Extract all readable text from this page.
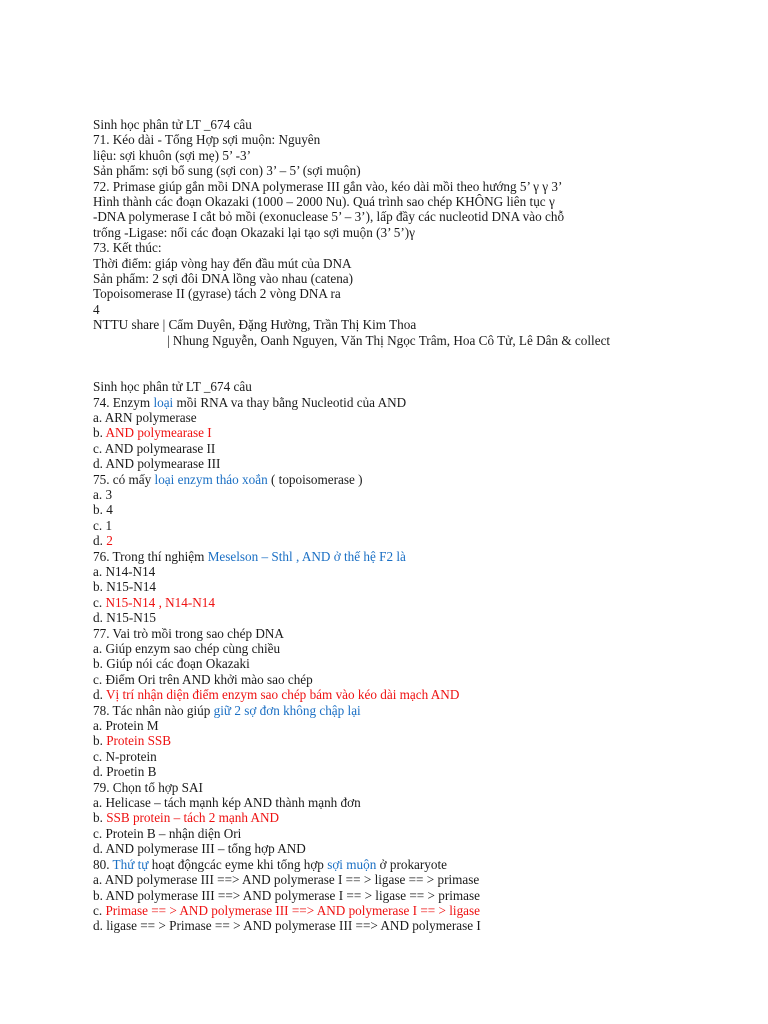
Sinh học phân tử LT _674 câu
71. Kéo dài - Tổng Hợp sợi muộn: Nguyên
liệu: sợi khuôn (sợi mẹ) 5’ -3’
Sản phẩm: sợi bổ sung (sợi con) 3’ – 5’ (sợi muộn)
72. Primase giúp gắn mồi DNA polymerase III gắn vào, kéo dài mồi theo hướng 5’ γ γ 3’
Hình thành các đoạn Okazaki (1000 – 2000 Nu). Quá trình sao chép KHÔNG liên tục γ
-DNA polymerase I cắt bỏ mồi (exonuclease 5’ – 3’), lấp đầy các nucleotid DNA vào chỗ
trống -Ligase: nối các đoạn Okazaki lại tạo sợi muộn (3’ 5’)γ
73. Kết thúc:
Thời điểm: giáp vòng hay đến đầu mút của DNA
Sản phẩm: 2 sợi đôi DNA lồng vào nhau (catena)
Topoisomerase II (gyrase) tách 2 vòng DNA ra
4
NTTU share | Cẩm Duyên, Đặng Hường, Trần Thị Kim Thoa
| Nhung Nguyễn, Oanh Nguyen, Văn Thị Ngọc Trâm, Hoa Cô Tử, Lê Dân & collect
Sinh học phân tử LT _674 câu
74. Enzym loại mồi RNA va thay bằng Nucleotid của AND
a. ARN polymerase
b. AND polymearase I
c. AND polymearase II
d. AND polymearase III
75. có mấy loại enzym tháo xoắn ( topoisomerase )
a. 3
b. 4
c. 1
d. 2
76. Trong thí nghiệm Meselson – Sthl , AND ở thế hệ F2 là
a. N14-N14
b. N15-N14
c. N15-N14 , N14-N14
d. N15-N15
77. Vai trò mồi trong sao chép DNA
a. Giúp enzym sao chép cùng chiều
b. Giúp nói các đoạn Okazaki
c. Điểm Ori trên AND khởi mào sao chép
d. Vị trí nhận diện điểm enzym sao chép bám vào kéo dài mạch AND
78. Tác nhân nào giúp giữ 2 sợ đơn không chập lại
a. Protein M
b. Protein SSB
c. N-protein
d. Proetin B
79. Chọn tổ hợp SAI
a. Helicase – tách mạnh kép AND thành mạnh đơn
b. SSB protein – tách 2 mạnh AND
c. Protein B – nhận diện Ori
d. AND polymerase III – tổng hợp AND
80. Thứ tự hoạt độngcác eyme khi tổng hợp sợi muộn ở prokaryote
a. AND polymerase III ==> AND polymerase I == > ligase == > primase
b. AND polymerase III ==> AND polymerase I == > ligase == > primase
c. Primase == > AND polymerase III ==> AND polymerase I == > ligase
d. ligase == > Primase == > AND polymerase III ==> AND polymerase I
